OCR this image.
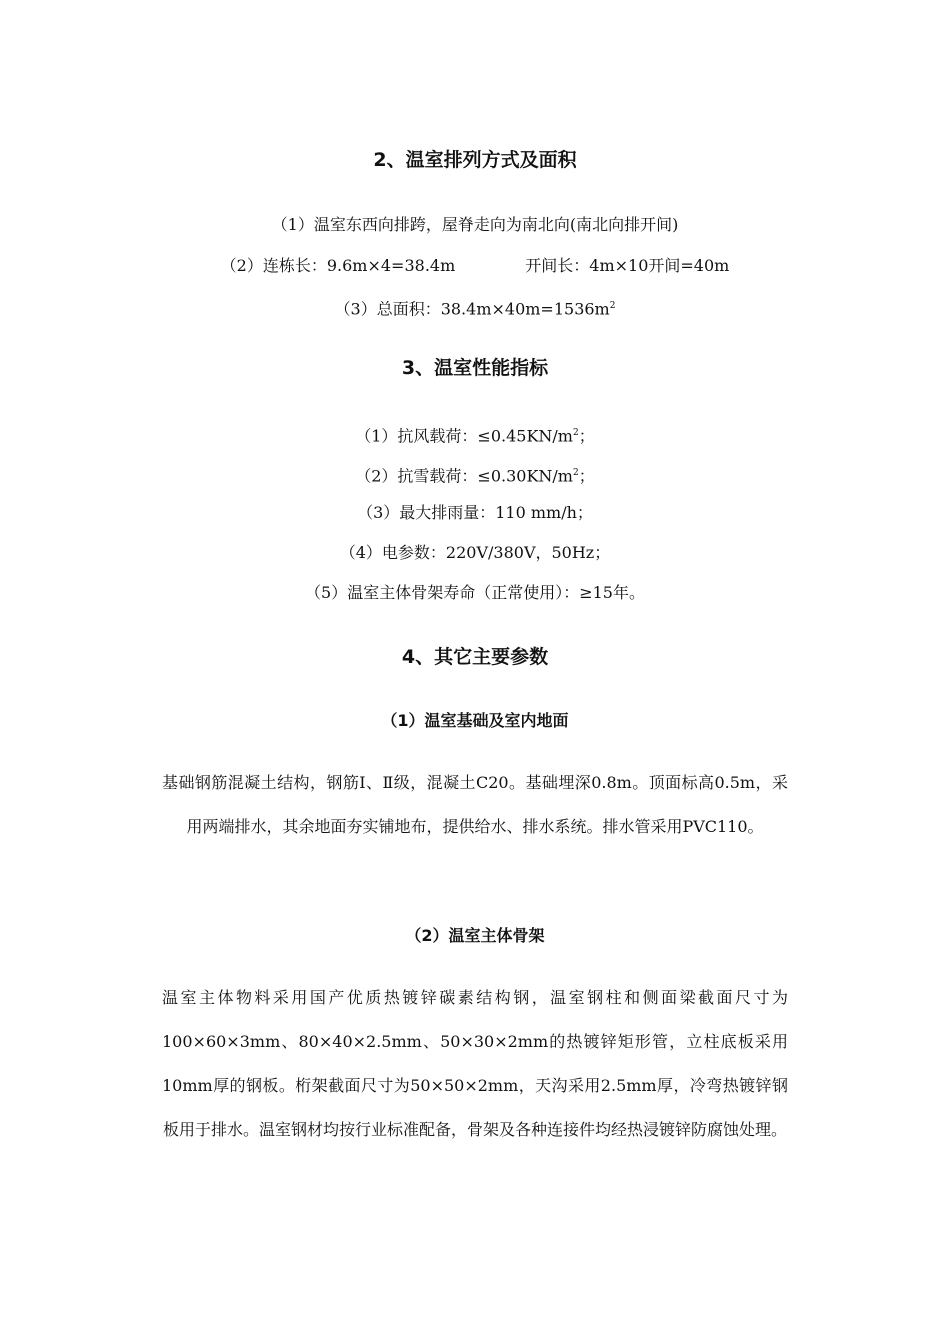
2、温室排列方式及面积
（1）温室东西向排跨，屋脊走向为南北向(南北向排开间)
（2）连栋长：9.6m×4=38.4m	开间长：4m×10开间=40m
（3）总面积：$38.4m\times 40m=1536m^2$
3、温室性能指标
（1）抗风载荷：$\le 0.45KN/m^2$；
（2）抗雪载荷：$\le 0.30KN/m^2$；
（3）最大排雨量：110 mm/h；
（4）电参数：220V/380V，50Hz；
（5）温室主体骨架寿命（正常使用）：≥15年。
4、其它主要参数
（1）温室基础及室内地面
基础钢筋混凝土结构，钢筋Ⅰ、Ⅱ级，混凝土C20。基础埋深0.8m。顶面标高0.5m，采用两端排水，其余地面夯实铺地布，提供给水、排水系统。排水管采用PVC110。
（2）温室主体骨架
温室主体物料采用国产优质热镀锌碳素结构钢，温室钢柱和侧面梁截面尺寸为100×60×3mm、80×40×2.5mm、50×30×2mm的热镀锌矩形管，立柱底板采用10mm厚的钢板。桁架截面尺寸为50×50×2mm，天沟采用2.5mm厚，冷弯热镀锌钢板用于排水。温室钢材均按行业标准配备，骨架及各种连接件均经热浸镀锌防腐蚀处理。
